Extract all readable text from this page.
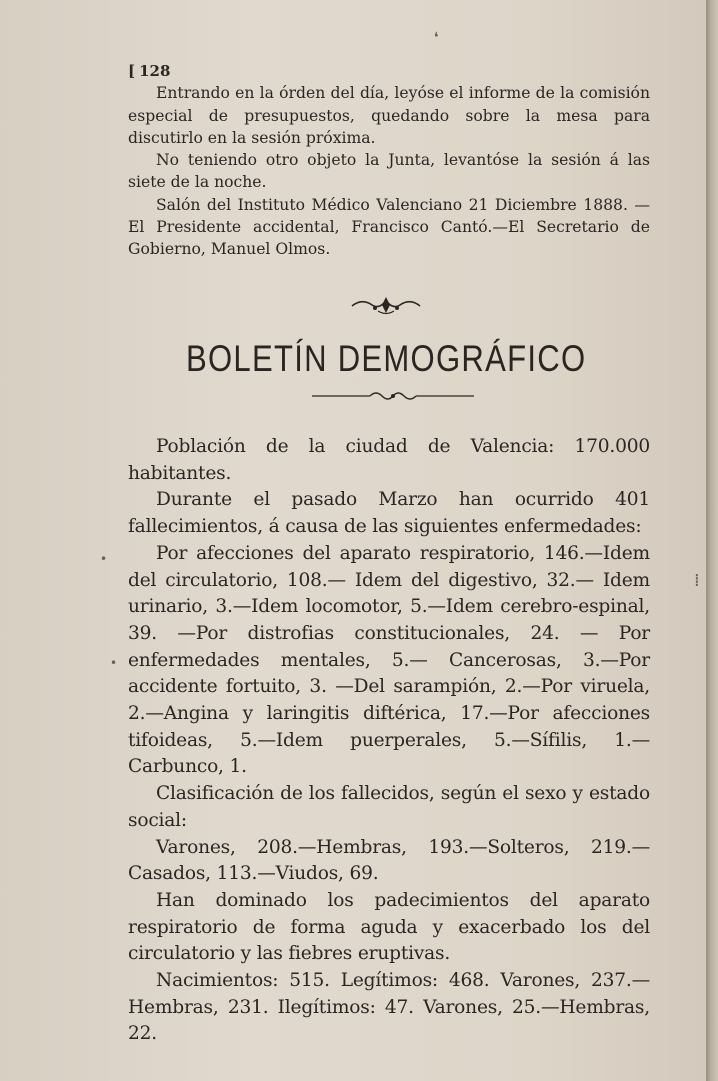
[ 128

Entrando en la órden del día, leyóse el informe de la comisión especial de presupuestos, quedando sobre la mesa para discutirlo en la sesión próxima.

No teniendo otro objeto la Junta, levantóse la sesión á las siete de la noche.

Salón del Instituto Médico Valenciano 21 Diciembre 1888. —El Presidente accidental, Francisco Cantó.—El Secretario de Gobierno, Manuel Olmos.

BOLETÍN DEMOGRÁFICO

Población de la ciudad de Valencia: 170.000 habitantes.

Durante el pasado Marzo han ocurrido 401 fallecimientos, á causa de las siguientes enfermedades:

Por afecciones del aparato respiratorio, 146.—Idem del circulatorio, 108.— Idem del digestivo, 32.— Idem urinario, 3.—Idem locomotor, 5.—Idem cerebro-espinal, 39. —Por distrofias constitucionales, 24. — Por enfermedades mentales, 5.— Cancerosas, 3.—Por accidente fortuito, 3. —Del sarampión, 2.—Por viruela, 2.—Angina y laringitis diftérica, 17.—Por afecciones tifoideas, 5.—Idem puerperales, 5.—Sífilis, 1.—Carbunco, 1.

Clasificación de los fallecidos, según el sexo y estado social:

Varones, 208.—Hembras, 193.—Solteros, 219.—Casados, 113.—Viudos, 69.

Han dominado los padecimientos del aparato respiratorio de forma aguda y exacerbado los del circulatorio y las fiebres eruptivas.

Nacimientos: 515. Legítimos: 468. Varones, 237.—Hembras, 231. Ilegítimos: 47. Varones, 25.—Hembras, 22.

❛
•
•
⁞
